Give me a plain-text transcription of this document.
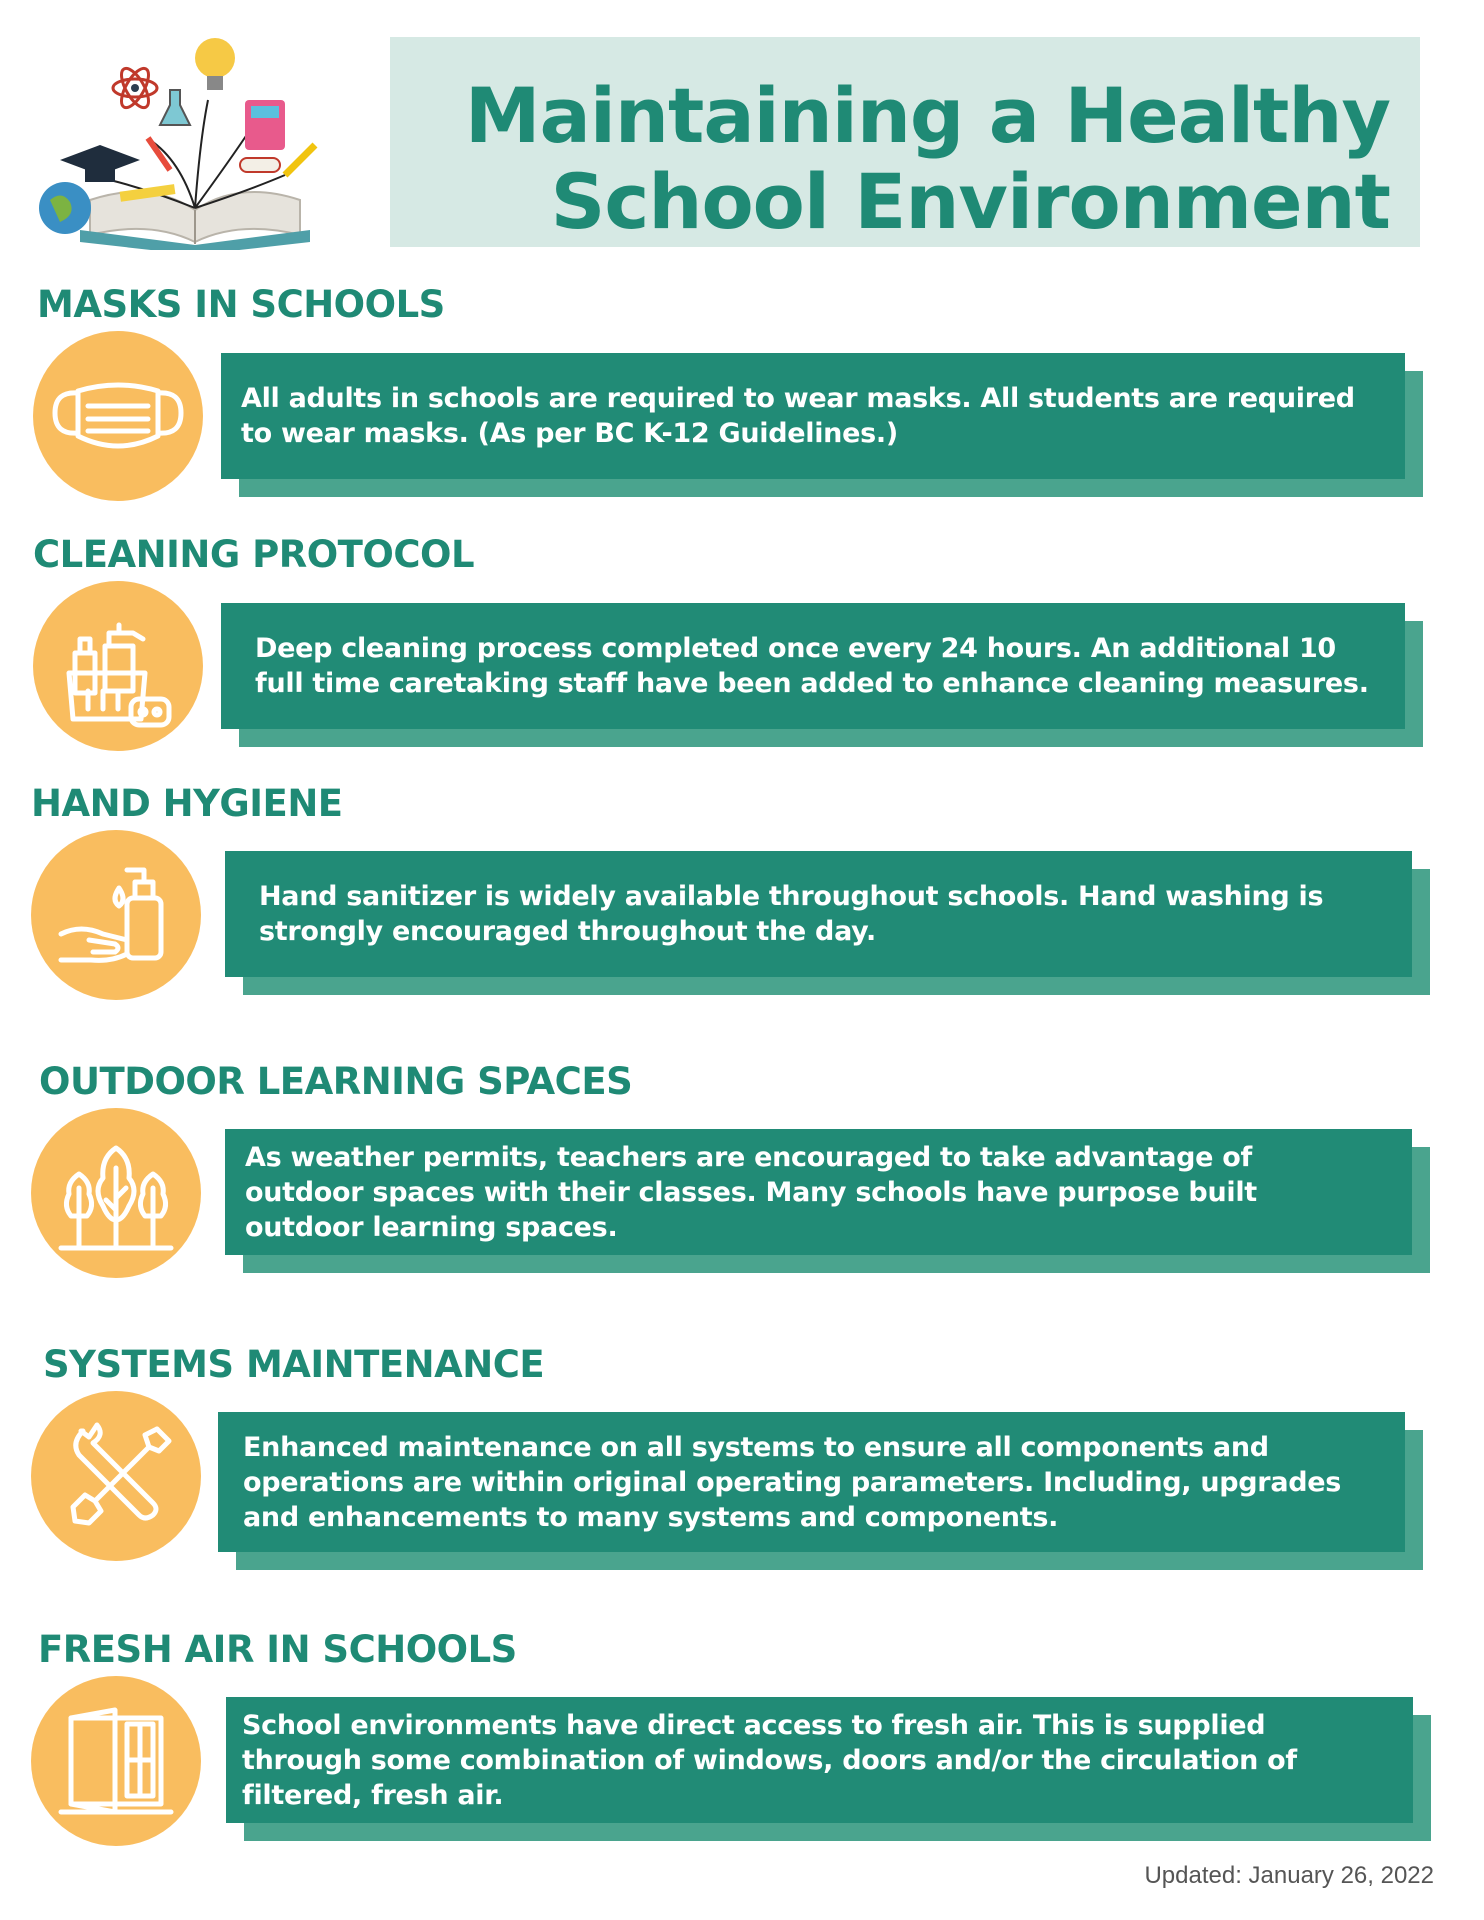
Maintaining a Healthy
School Environment
MASKS IN SCHOOLS

All adults in schools are required to wear masks. All students are required to wear masks. (As per BC K-12 Guidelines.)

CLEANING PROTOCOL

Deep cleaning process completed once every 24 hours. An additional 10 full time caretaking staff have been added to enhance cleaning measures.

HAND HYGIENE

Hand sanitizer is widely available throughout schools. Hand washing is strongly encouraged throughout the day.

OUTDOOR LEARNING SPACES

As weather permits, teachers are encouraged to take advantage of outdoor spaces with their classes. Many schools have purpose built outdoor learning spaces.

SYSTEMS MAINTENANCE

Enhanced maintenance on all systems to ensure all components and operations are within original operating parameters. Including, upgrades and enhancements to many systems and components.

FRESH AIR IN SCHOOLS

School environments have direct access to fresh air. This is supplied through some combination of windows, doors and/or the circulation of filtered, fresh air.

Updated: January 26, 2022
